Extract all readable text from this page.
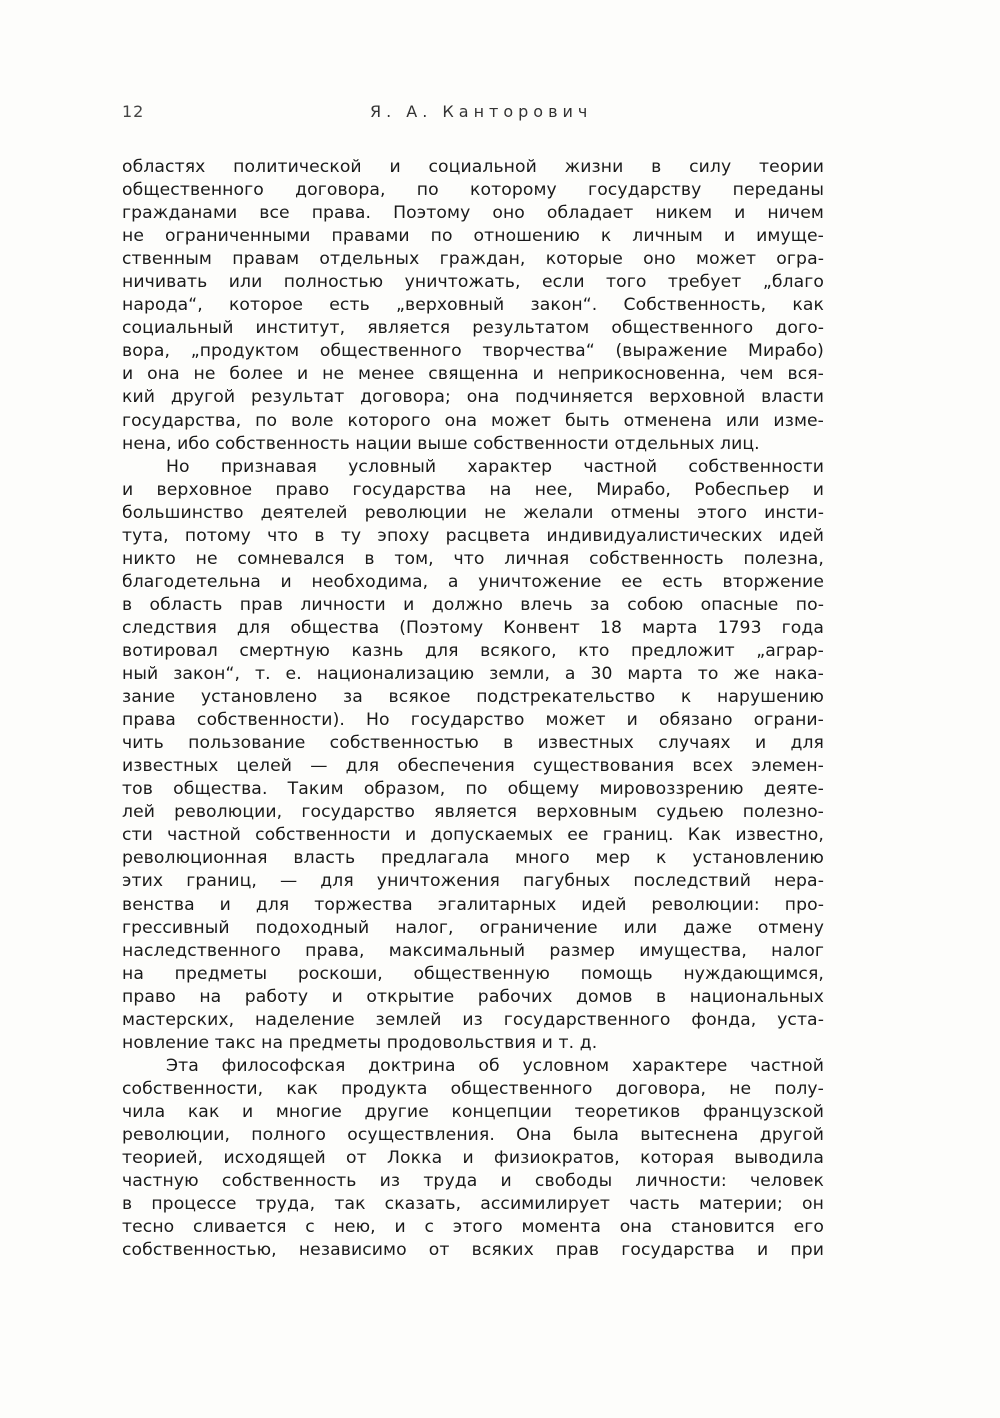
12	Я. А. Канторович
областях политической и социальной жизни в силу теории
общественного договора, по которому государству переданы
гражданами все права. Поэтому оно обладает никем и ничем
не ограниченными правами по отношению к личным и имуще-
ственным правам отдельных граждан, которые оно может огра-
ничивать или полностью уничтожать, если того требует „благо
народа“, которое есть „верховный закон“. Собственность, как
социальный институт, является результатом общественного дого-
вора, „продуктом общественного творчества“ (выражение Мирабо)
и она не более и не менее священна и неприкосновенна, чем вся-
кий другой результат договора; она подчиняется верховной власти
государства, по воле которого она может быть отменена или изме-
нена, ибо собственность нации выше собственности отдельных лиц.
Но признавая условный характер частной собственности
и верховное право государства на нее, Мирабо, Робеспьер и
большинство деятелей революции не желали отмены этого инсти-
тута, потому что в ту эпоху расцвета индивидуалистических идей
никто не сомневался в том, что личная собственность полезна,
благодетельна и необходима, а уничтожение ее есть вторжение
в область прав личности и должно влечь за собою опасные по-
следствия для общества (Поэтому Конвент 18 марта 1793 года
вотировал смертную казнь для всякого, кто предложит „аграр-
ный закон“, т. е. национализацию земли, а 30 марта то же нака-
зание установлено за всякое подстрекательство к нарушению
права собственности). Но государство может и обязано ограни-
чить пользование собственностью в известных случаях и для
известных целей — для обеспечения существования всех элемен-
тов общества. Таким образом, по общему мировоззрению деяте-
лей революции, государство является верховным судьею полезно-
сти частной собственности и допускаемых ее границ. Как известно,
революционная власть предлагала много мер к установлению
этих границ, — для уничтожения пагубных последствий нера-
венства и для торжества эгалитарных идей революции: про-
грессивный подоходный налог, ограничение или даже отмену
наследственного права, максимальный размер имущества, налог
на предметы роскоши, общественную помощь нуждающимся,
право на работу и открытие рабочих домов в национальных
мастерских, наделение землей из государственного фонда, уста-
новление такс на предметы продовольствия и т. д.
Эта философская доктрина об условном характере частной
собственности, как продукта общественного договора, не полу-
чила как и многие другие концепции теоретиков французской
революции, полного осуществления. Она была вытеснена другой
теорией, исходящей от Локка и физиократов, которая выводила
частную собственность из труда и свободы личности: человек
в процессе труда, так сказать, ассимилирует часть материи; он
тесно сливается с нею, и с этого момента она становится его
собственностью, независимо от всяких прав государства и при
